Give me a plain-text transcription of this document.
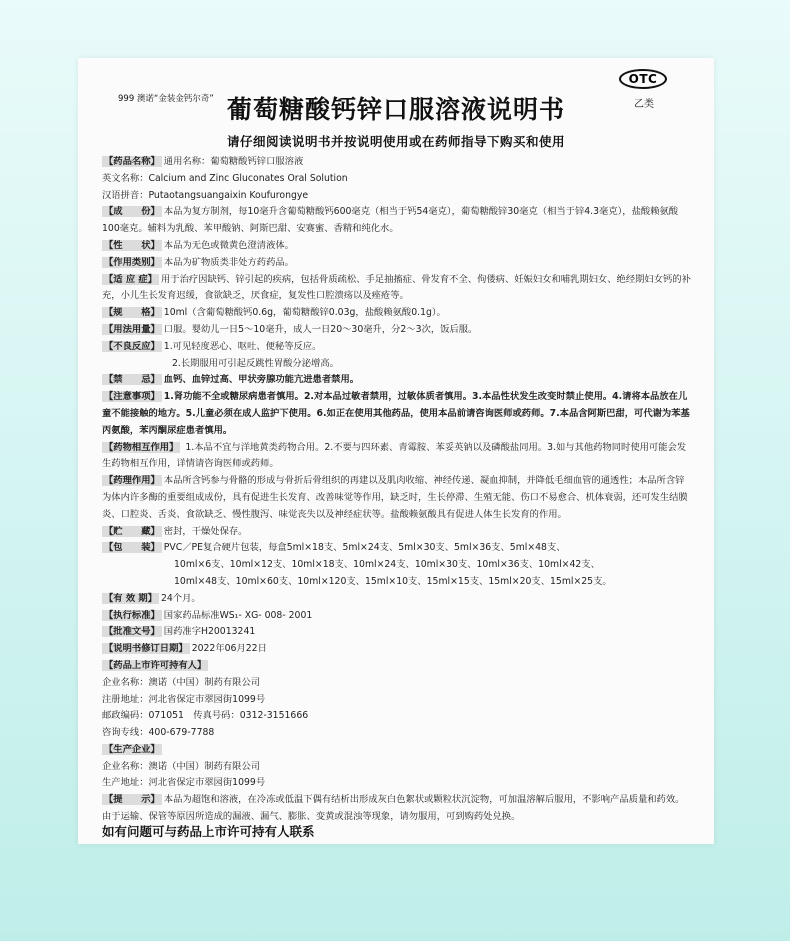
999 澳诺“金装金钙尔奇”
OTC
乙类
葡萄糖酸钙锌口服溶液说明书
请仔细阅读说明书并按说明使用或在药师指导下购买和使用

【药品名称】 通用名称：葡萄糖酸钙锌口服溶液

英文名称：Calcium and Zinc Gluconates Oral Solution

汉语拼音：Putaotangsuangaixin Koufurongye

【成　　份】 本品为复方制剂，每10毫升含葡萄糖酸钙600毫克（相当于钙54毫克），葡萄糖酸锌30毫克（相当于锌4.3毫克），盐酸赖氨酸100毫克。辅料为乳酸、苯甲酸钠、阿斯巴甜、安赛蜜、香精和纯化水。

【性　　状】 本品为无色或微黄色澄清液体。

【作用类别】 本品为矿物质类非处方药药品。

【适 应 症】 用于治疗因缺钙、锌引起的疾病，包括骨质疏松、手足抽搐症、骨发育不全、佝偻病、妊娠妇女和哺乳期妇女、绝经期妇女钙的补充，小儿生长发育迟缓，食欲缺乏，厌食症，复发性口腔溃疡以及痤疮等。

【规　　格】 10ml（含葡萄糖酸钙0.6g，葡萄糖酸锌0.03g，盐酸赖氨酸0.1g）。

【用法用量】 口服。婴幼儿一日5～10毫升，成人一日20～30毫升，分2～3次，饭后服。

【不良反应】 1.可见轻度恶心、呕吐、便秘等反应。

2.长期服用可引起反跳性胃酸分泌增高。

【禁　　忌】 血钙、血锌过高、甲状旁腺功能亢进患者禁用。

【注意事项】 1.肾功能不全或糖尿病患者慎用。2.对本品过敏者禁用，过敏体质者慎用。3.本品性状发生改变时禁止使用。4.请将本品放在儿童不能接触的地方。5.儿童必须在成人监护下使用。6.如正在使用其他药品，使用本品前请咨询医师或药师。7.本品含阿斯巴甜，可代谢为苯基丙氨酸，苯丙酮尿症患者慎用。

【药物相互作用】 1.本品不宜与洋地黄类药物合用。2.不要与四环素、青霉胺、苯妥英钠以及磷酸盐同用。3.如与其他药物同时使用可能会发生药物相互作用，详情请咨询医师或药师。

【药理作用】 本品所含钙参与骨骼的形成与骨折后骨组织的再建以及肌肉收缩、神经传递、凝血抑制，并降低毛细血管的通透性；本品所含锌为体内许多酶的重要组成成份，具有促进生长发育、改善味觉等作用，缺乏时，生长停滞、生殖无能、伤口不易愈合、机体衰弱，还可发生结膜炎、口腔炎、舌炎、食欲缺乏、慢性腹泻、味觉丧失以及神经症状等。盐酸赖氨酸具有促进人体生长发育的作用。

【贮　　藏】 密封，干燥处保存。

【包　　装】 PVC／PE复合硬片包装，每盒5ml×18支、5ml×24支、5ml×30支、5ml×36支、5ml×48支、

10ml×6支、10ml×12支、10ml×18支、10ml×24支、10ml×30支、10ml×36支、10ml×42支、

10ml×48支、10ml×60支、10ml×120支、15ml×10支、15ml×15支、15ml×20支、15ml×25支。

【有 效 期】 24个月。

【执行标准】 国家药品标准WS₁- XG- 008- 2001

【批准文号】 国药准字H20013241

【说明书修订日期】 2022年06月22日

【药品上市许可持有人】

企业名称：澳诺（中国）制药有限公司

注册地址：河北省保定市翠园街1099号

邮政编码：071051　传真号码：0312-3151666

咨询专线：400-679-7788

【生产企业】

企业名称：澳诺（中国）制药有限公司

生产地址：河北省保定市翠园街1099号

【提　　示】 本品为超饱和溶液，在冷冻或低温下偶有结析出形成灰白色絮状或颗粒状沉淀物，可加温溶解后服用，不影响产品质量和药效。由于运输、保管等原因所造成的漏液、漏气、膨胀、变黄或混浊等现象，请勿服用，可到购药处兑换。

如有问题可与药品上市许可持有人联系
